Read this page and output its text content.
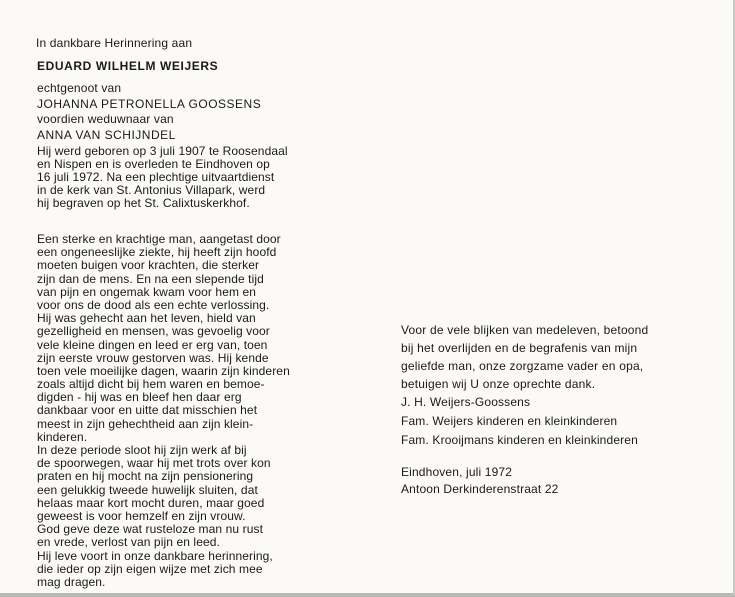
In dankbare Herinnering aan

EDUARD WILHELM WEIJERS

echtgenoot van

JOHANNA PETRONELLA GOOSSENS

voordien weduwnaar van

ANNA VAN SCHIJNDEL

Hij werd geboren op 3 juli 1907 te Roosendaal
en Nispen en is overleden te Eindhoven op
16 juli 1972. Na een plechtige uitvaartdienst
in de kerk van St. Antonius Villapark, werd
hij begraven op het St. Calixtuskerkhof.
Een sterke en krachtige man, aangetast door
een ongeneeslijke ziekte, hij heeft zijn hoofd
moeten buigen voor krachten, die sterker
zijn dan de mens. En na een slepende tijd
van pijn en ongemak kwam voor hem en
voor ons de dood als een echte verlossing.
Hij was gehecht aan het leven, hield van
gezelligheid en mensen, was gevoelig voor
vele kleine dingen en leed er erg van, toen
zijn eerste vrouw gestorven was. Hij kende
toen vele moeilijke dagen, waarin zijn kinderen
zoals altijd dicht bij hem waren en bemoe-
digden - hij was en bleef hen daar erg
dankbaar voor en uitte dat misschien het
meest in zijn gehechtheid aan zijn klein-
kinderen.
In deze periode sloot hij zijn werk af bij
de spoorwegen, waar hij met trots over kon
praten en hij mocht na zijn pensionering
een gelukkig tweede huwelijk sluiten, dat
helaas maar kort mocht duren, maar goed
geweest is voor hemzelf en zijn vrouw.
God geve deze wat rusteloze man nu rust
en vrede, verlost van pijn en leed.
Hij leve voort in onze dankbare herinnering,
die ieder op zijn eigen wijze met zich mee
mag dragen.
Voor de vele blijken van medeleven, betoond
bij het overlijden en de begrafenis van mijn
geliefde man, onze zorgzame vader en opa,
betuigen wij U onze oprechte dank.
J. H. Weijers-Goossens
Fam. Weijers kinderen en kleinkinderen
Fam. Krooijmans kinderen en kleinkinderen
Eindhoven, juli 1972
Antoon Derkinderenstraat 22
